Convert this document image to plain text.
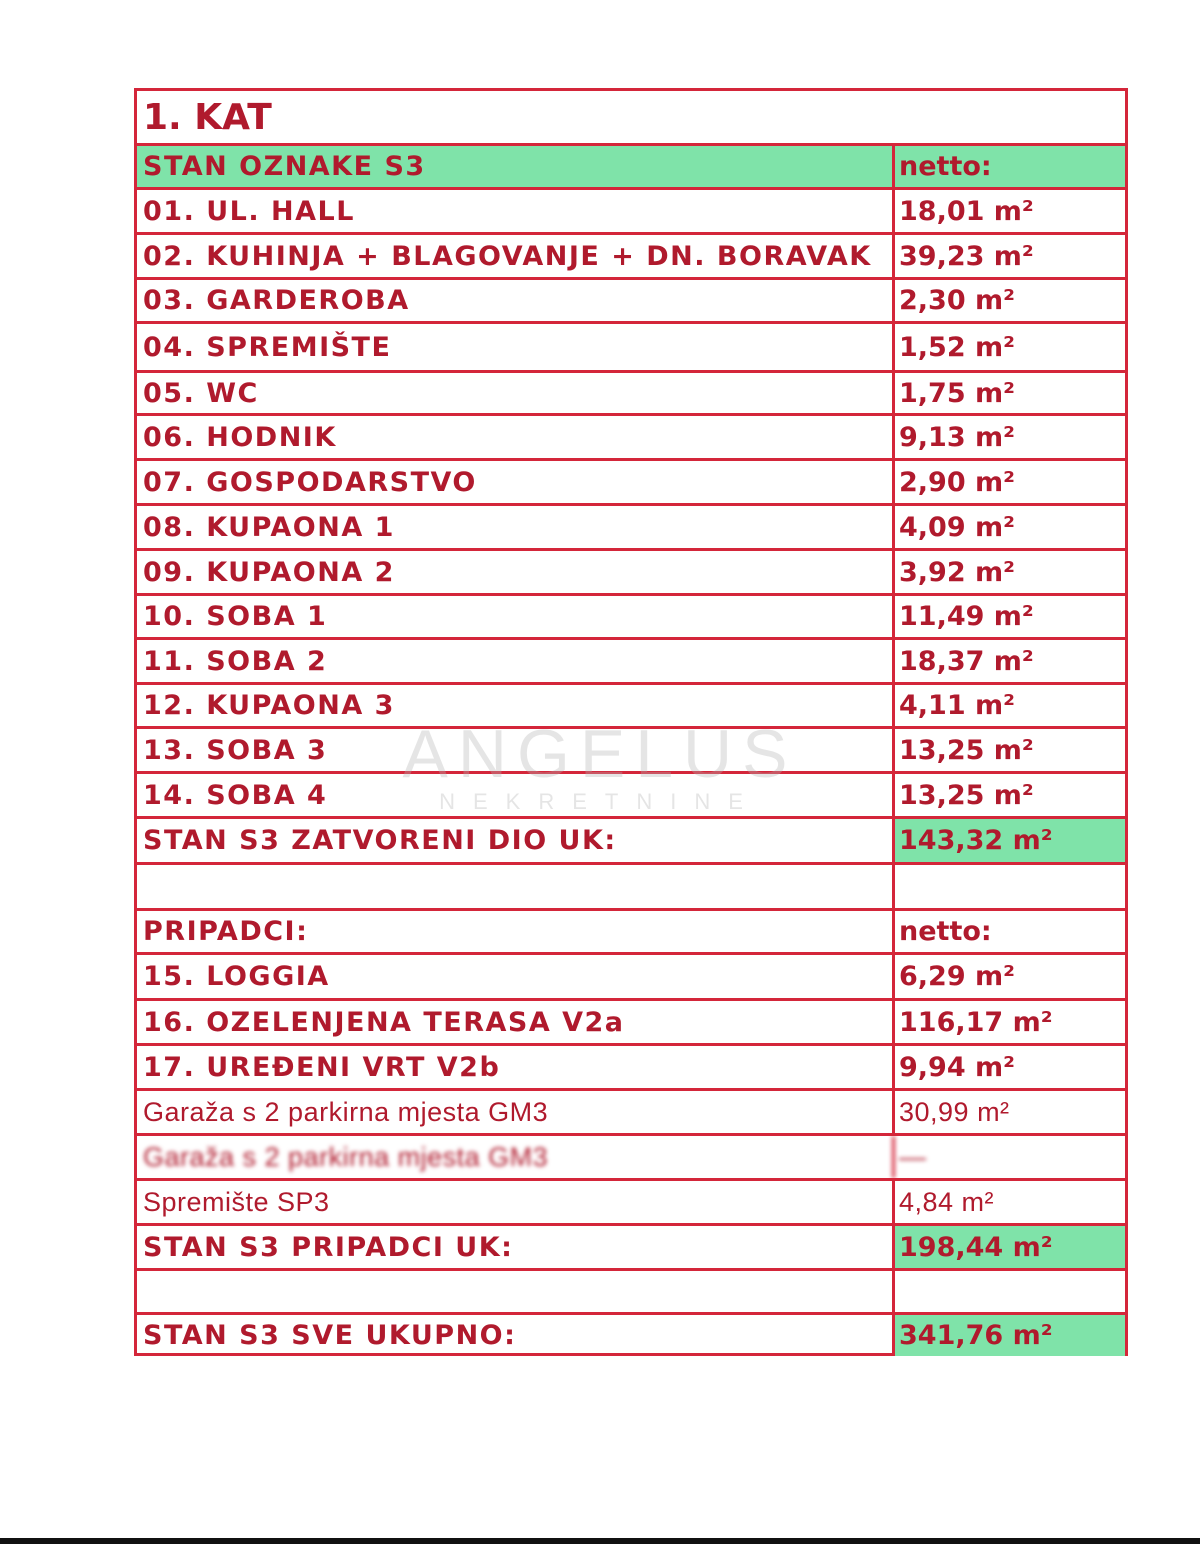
1. KAT
STAN OZNAKE S3	netto:
01. UL. HALL	18,01 m²
02. KUHINJA + BLAGOVANJE + DN. BORAVAK	39,23 m²
03. GARDEROBA	2,30 m²
04. SPREMIŠTE	1,52 m²
05. WC	1,75 m²
06. HODNIK	9,13 m²
07. GOSPODARSTVO	2,90 m²
08. KUPAONA 1	4,09 m²
09. KUPAONA 2	3,92 m²
10. SOBA 1	11,49 m²
11. SOBA 2	18,37 m²
12. KUPAONA 3	4,11 m²
13. SOBA 3	13,25 m²
14. SOBA 4	13,25 m²
STAN S3 ZATVORENI DIO UK:	143,32 m²
PRIPADCI:	netto:
15. LOGGIA	6,29 m²
16. OZELENJENA TERASA V2a	116,17 m²
17. UREĐENI VRT V2b	9,94 m²
Garaža s 2 parkirna mjesta GM3	30,99 m²
Garaža s 2 parkirna mjesta GM3	—
Spremište SP3	4,84 m²
STAN S3 PRIPADCI UK:	198,44 m²
STAN S3 SVE UKUPNO:	341,76 m²
ANGELUS
NEKRETNINE
